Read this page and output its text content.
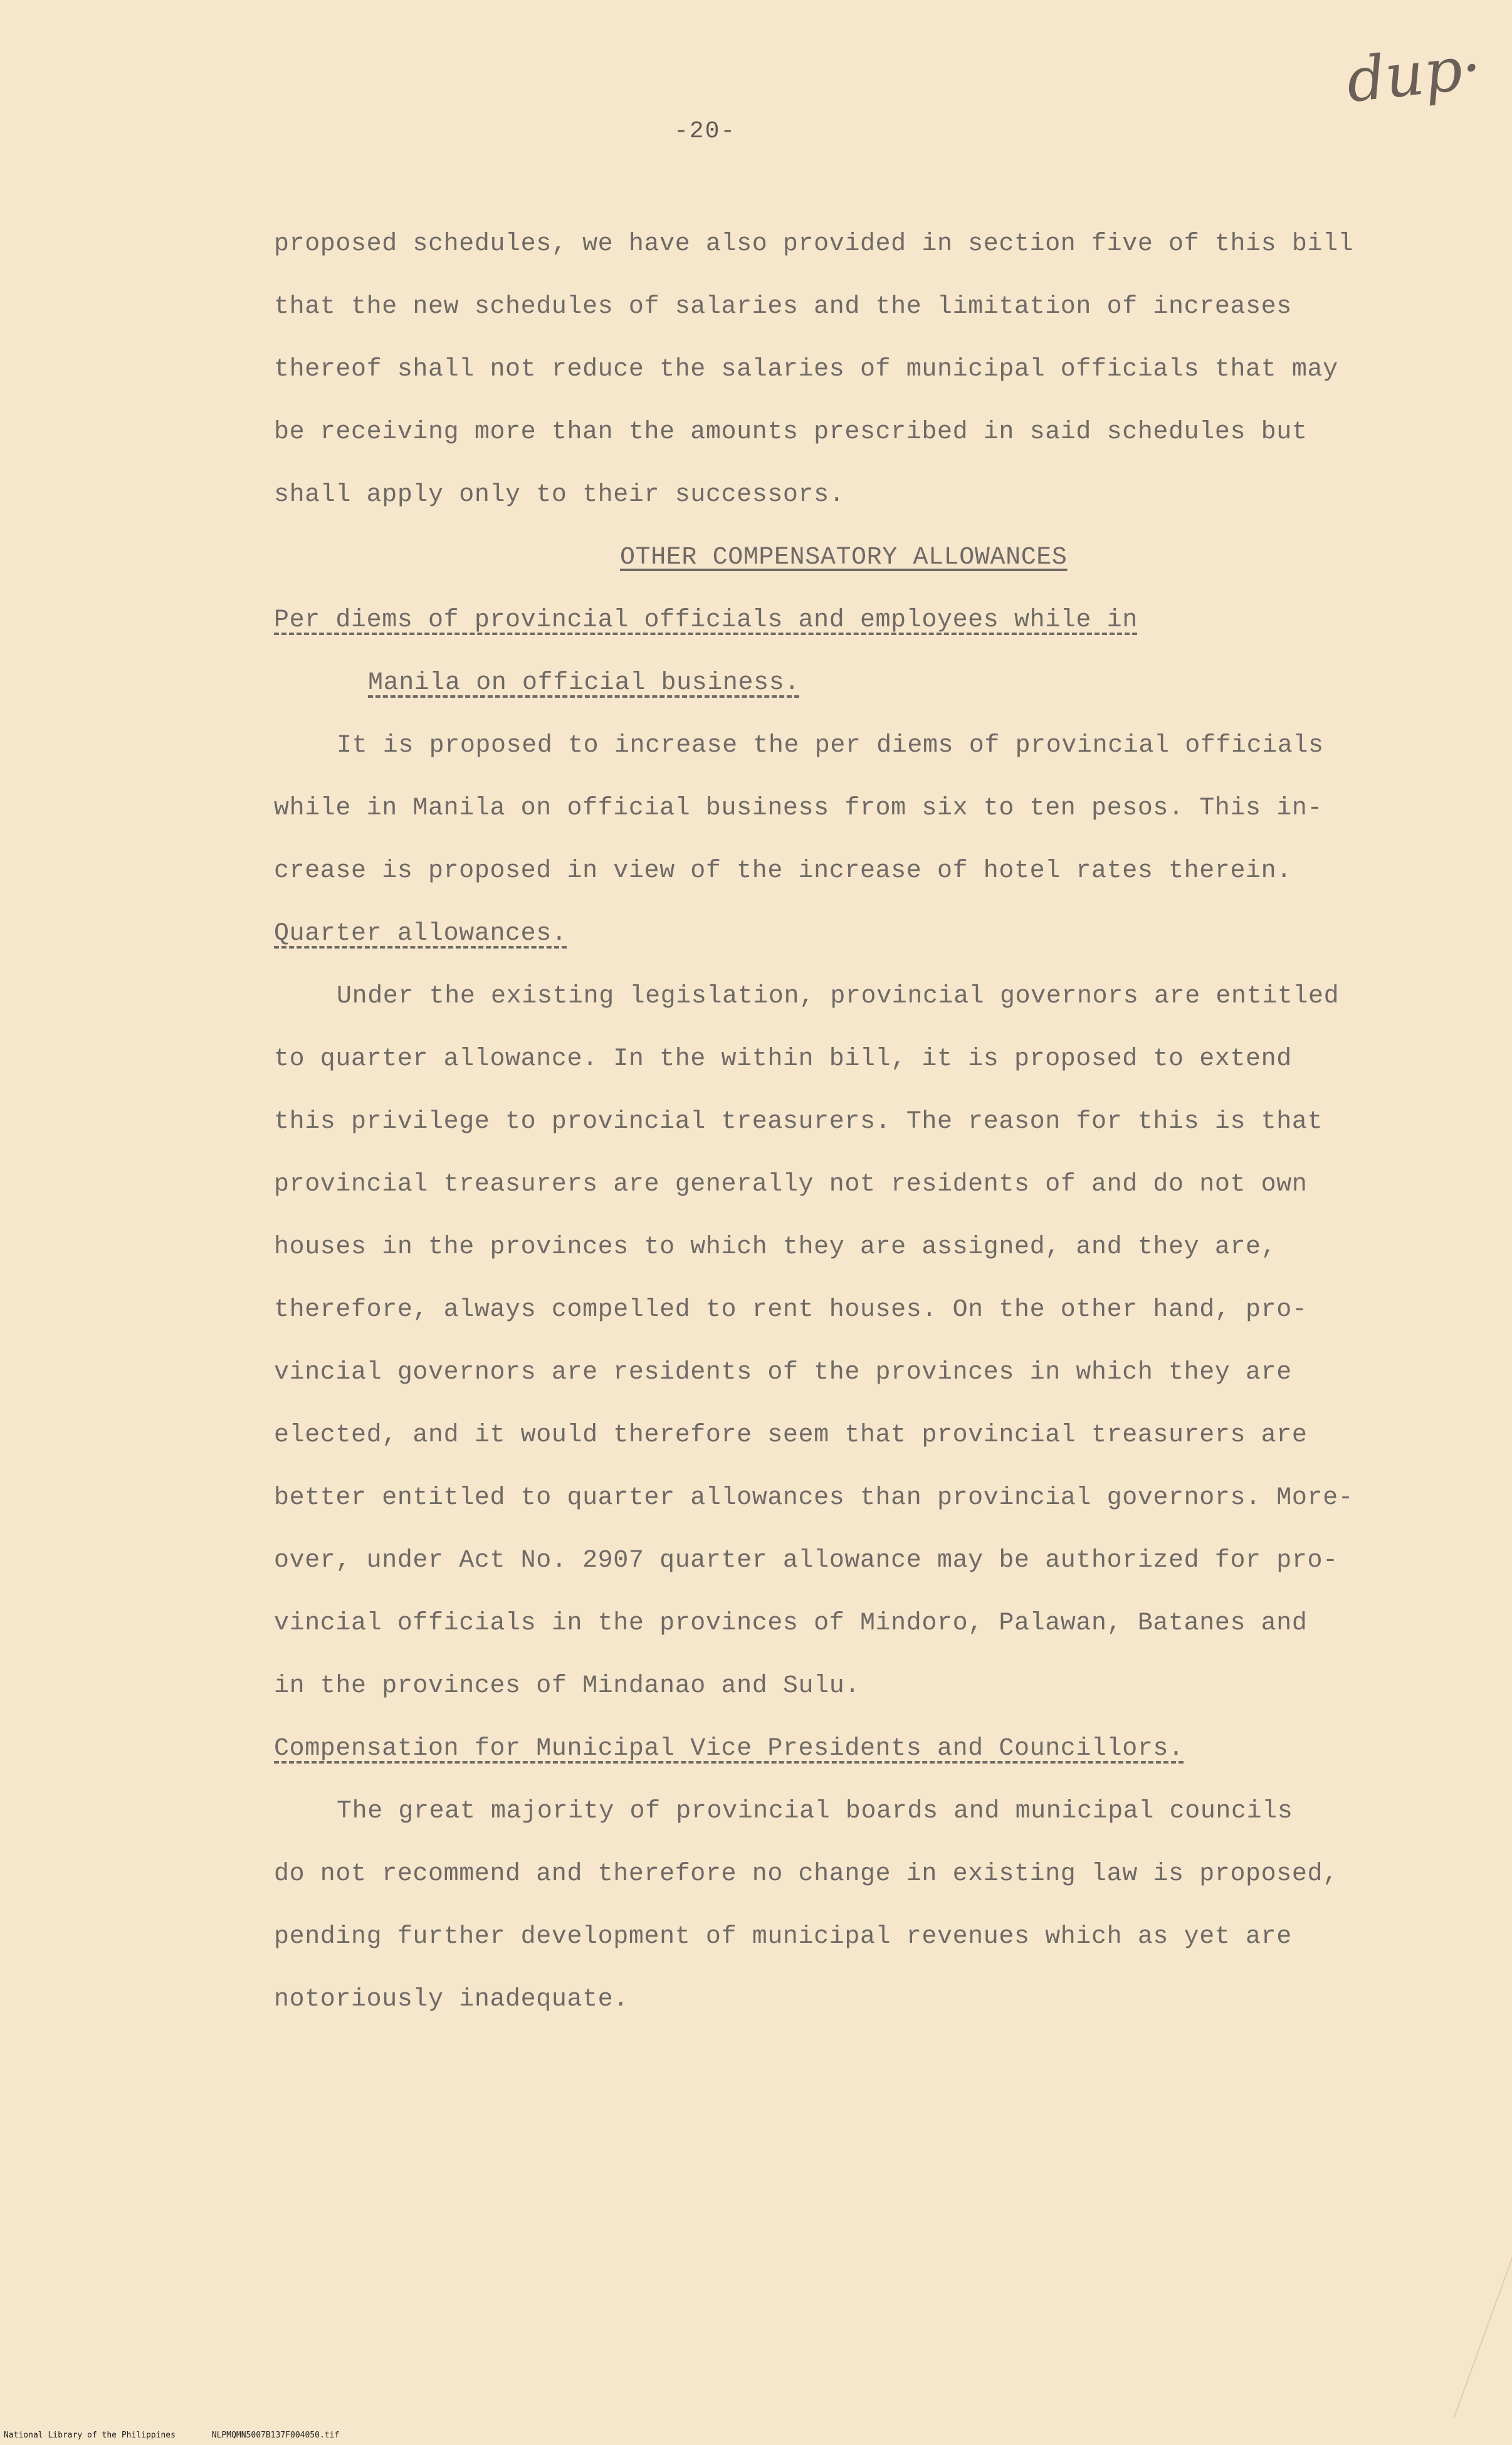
dup·
-20-
proposed schedules, we have also provided in section five of this bill
that the new schedules of salaries and the limitation of increases
thereof shall not reduce the salaries of municipal officials that may
be receiving more than the amounts prescribed in said schedules but
shall apply only to their successors.
OTHER COMPENSATORY ALLOWANCES
Per diems of provincial officials and employees while in
Manila on official business.
It is proposed to increase the per diems of provincial officials
while in Manila on official business from six to ten pesos. This in-
crease is proposed in view of the increase of hotel rates therein.
Quarter allowances.
Under the existing legislation, provincial governors are entitled
to quarter allowance. In the within bill, it is proposed to extend
this privilege to provincial treasurers. The reason for this is that
provincial treasurers are generally not residents of and do not own
houses in the provinces to which they are assigned, and they are,
therefore, always compelled to rent houses. On the other hand, pro-
vincial governors are residents of the provinces in which they are
elected, and it would therefore seem that provincial treasurers are
better entitled to quarter allowances than provincial governors. More-
over, under Act No. 2907 quarter allowance may be authorized for pro-
vincial officials in the provinces of Mindoro, Palawan, Batanes and
in the provinces of Mindanao and Sulu.
Compensation for Municipal Vice Presidents and Councillors.
The great majority of provincial boards and municipal councils
do not recommend and therefore no change in existing law is proposed,
pending further development of municipal revenues which as yet are
notoriously inadequate.
National Library of the Philippines	NLPMQMN5007B137F004050.tif
